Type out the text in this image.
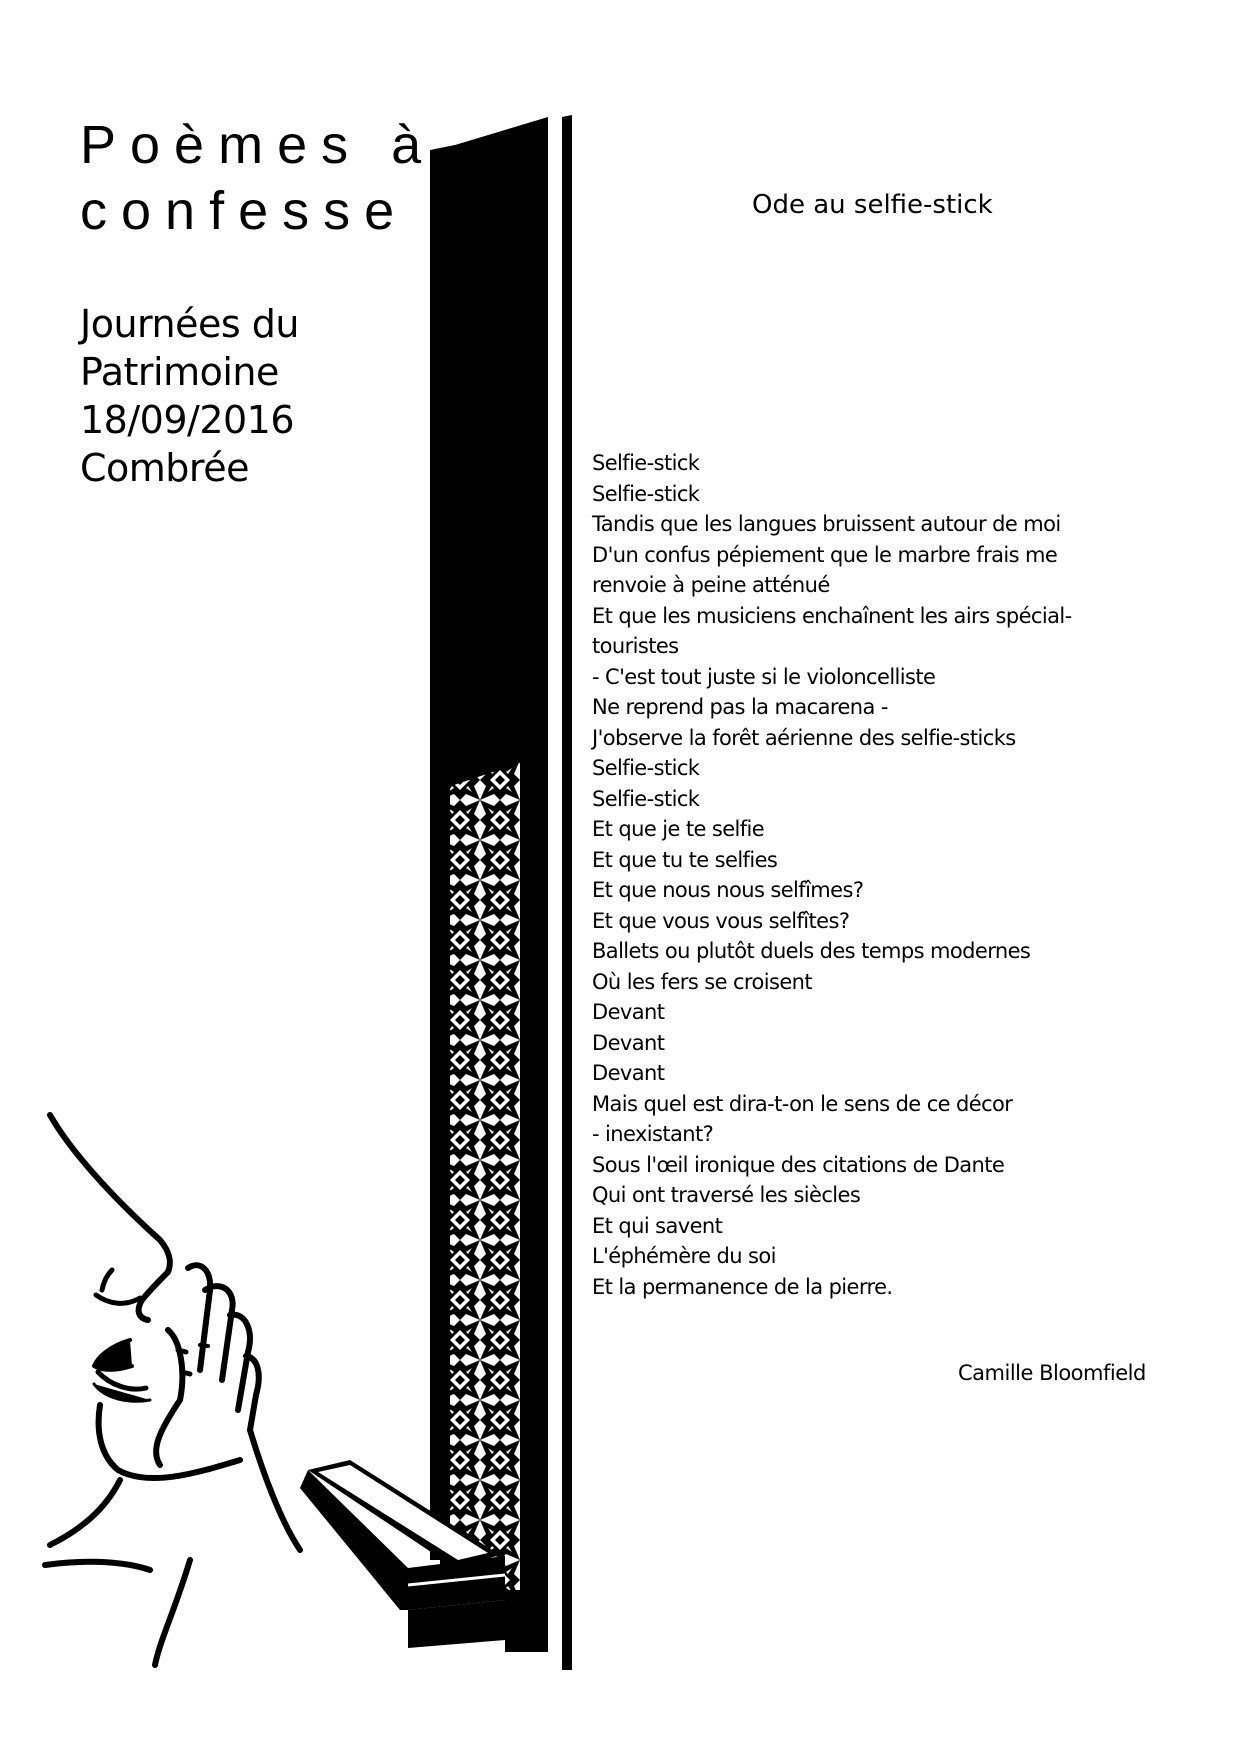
Poèmes à
confesse
Journées du
Patrimoine
18/09/2016
Combrée
Ode au selfie-stick
Selfie-stick
Selfie-stick
Tandis que les langues bruissent autour de moi
D'un confus pépiement que le marbre frais me
renvoie à peine atténué
Et que les musiciens enchaînent les airs spécial-
touristes
- C'est tout juste si le violoncelliste
Ne reprend pas la macarena -
J'observe la forêt aérienne des selfie-sticks
Selfie-stick
Selfie-stick
Et que je te selfie
Et que tu te selfies
Et que nous nous selfîmes?
Et que vous vous selfîtes?
Ballets ou plutôt duels des temps modernes
Où les fers se croisent
Devant
Devant
Devant
Mais quel est dira-t-on le sens de ce décor
- inexistant?
Sous l'œil ironique des citations de Dante
Qui ont traversé les siècles
Et qui savent
L'éphémère du soi
Et la permanence de la pierre.
Camille Bloomfield
